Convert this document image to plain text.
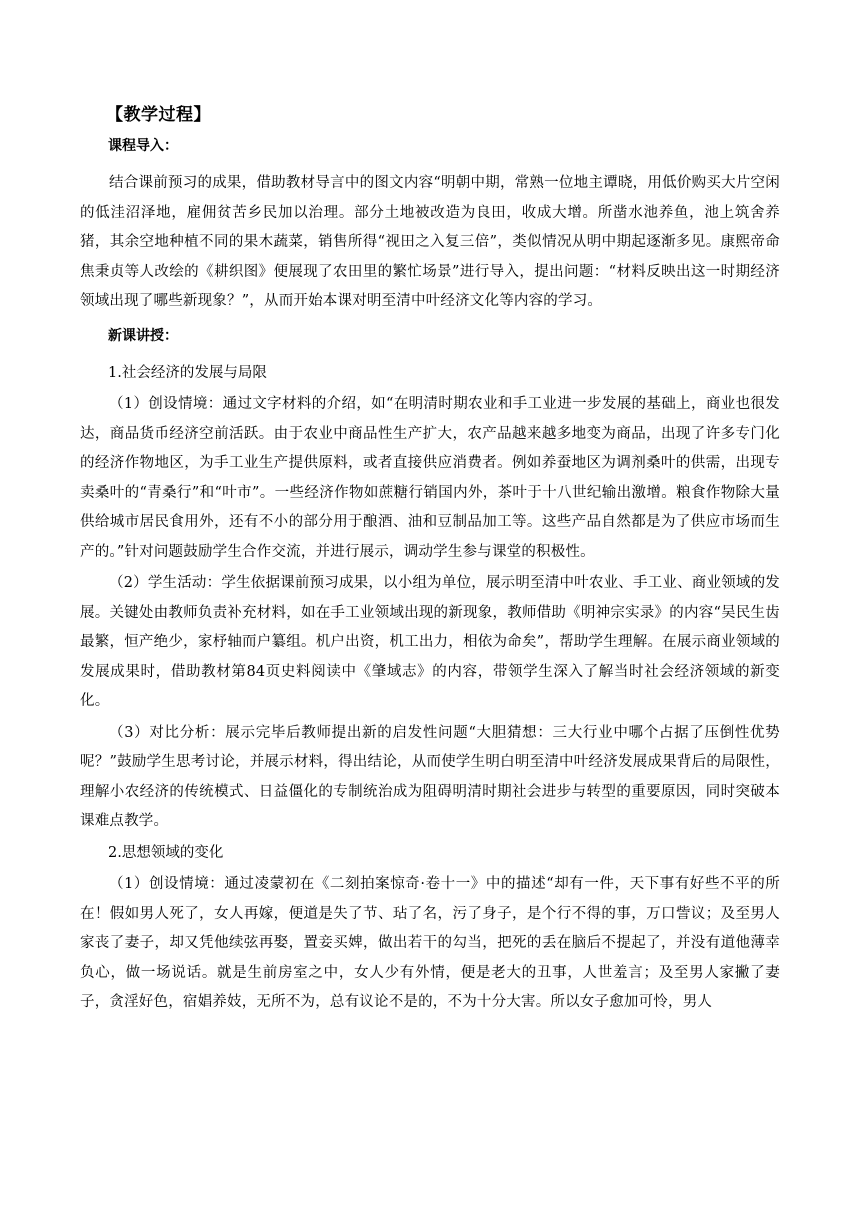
【教学过程】
课程导入：

结合课前预习的成果，借助教材导言中的图文内容“明朝中期，常熟一位地主谭晓，用低价购买大片空闲的低洼沼泽地，雇佣贫苦乡民加以治理。部分土地被改造为良田，收成大增。所凿水池养鱼，池上筑舍养猪，其余空地种植不同的果木蔬菜，销售所得“视田之入复三倍”，类似情况从明中期起逐渐多见。康熙帝命焦秉贞等人改绘的《耕织图》便展现了农田里的繁忙场景”进行导入，提出问题：“材料反映出这一时期经济领域出现了哪些新现象？”，从而开始本课对明至清中叶经济文化等内容的学习。

新课讲授：
1.社会经济的发展与局限

（1）创设情境：通过文字材料的介绍，如“在明清时期农业和手工业进一步发展的基础上，商业也很发达，商品货币经济空前活跃。由于农业中商品性生产扩大，农产品越来越多地变为商品，出现了许多专门化的经济作物地区，为手工业生产提供原料，或者直接供应消费者。例如养蚕地区为调剂桑叶的供需，出现专卖桑叶的“青桑行”和“叶市”。一些经济作物如蔗糖行销国内外，茶叶于十八世纪输出激增。粮食作物除大量供给城市居民食用外，还有不小的部分用于酿酒、油和豆制品加工等。这些产品自然都是为了供应市场而生产的。”针对问题鼓励学生合作交流，并进行展示，调动学生参与课堂的积极性。

（2）学生活动：学生依据课前预习成果，以小组为单位，展示明至清中叶农业、手工业、商业领域的发展。关键处由教师负责补充材料，如在手工业领域出现的新现象，教师借助《明神宗实录》的内容“吴民生齿最繁，恒产绝少，家杼轴而户纂组。机户出资，机工出力，相依为命矣”，帮助学生理解。在展示商业领域的发展成果时，借助教材第84页史料阅读中《肇域志》的内容，带领学生深入了解当时社会经济领域的新变化。

（3）对比分析：展示完毕后教师提出新的启发性问题“大胆猜想：三大行业中哪个占据了压倒性优势呢？”鼓励学生思考讨论，并展示材料，得出结论，从而使学生明白明至清中叶经济发展成果背后的局限性，理解小农经济的传统模式、日益僵化的专制统治成为阻碍明清时期社会进步与转型的重要原因，同时突破本课难点教学。

2.思想领域的变化

（1）创设情境：通过凌蒙初在《二刻拍案惊奇·卷十一》中的描述“却有一件，天下事有好些不平的所在！假如男人死了，女人再嫁，便道是失了节、玷了名，污了身子，是个行不得的事，万口訾议；及至男人家丧了妻子，却又凭他续弦再娶，置妾买婢，做出若干的勾当，把死的丢在脑后不提起了，并没有道他薄幸负心，做一场说话。就是生前房室之中，女人少有外情，便是老大的丑事，人世羞言；及至男人家撇了妻子，贪淫好色，宿娼养妓，无所不为，总有议论不是的，不为十分大害。所以女子愈加可怜，男人
